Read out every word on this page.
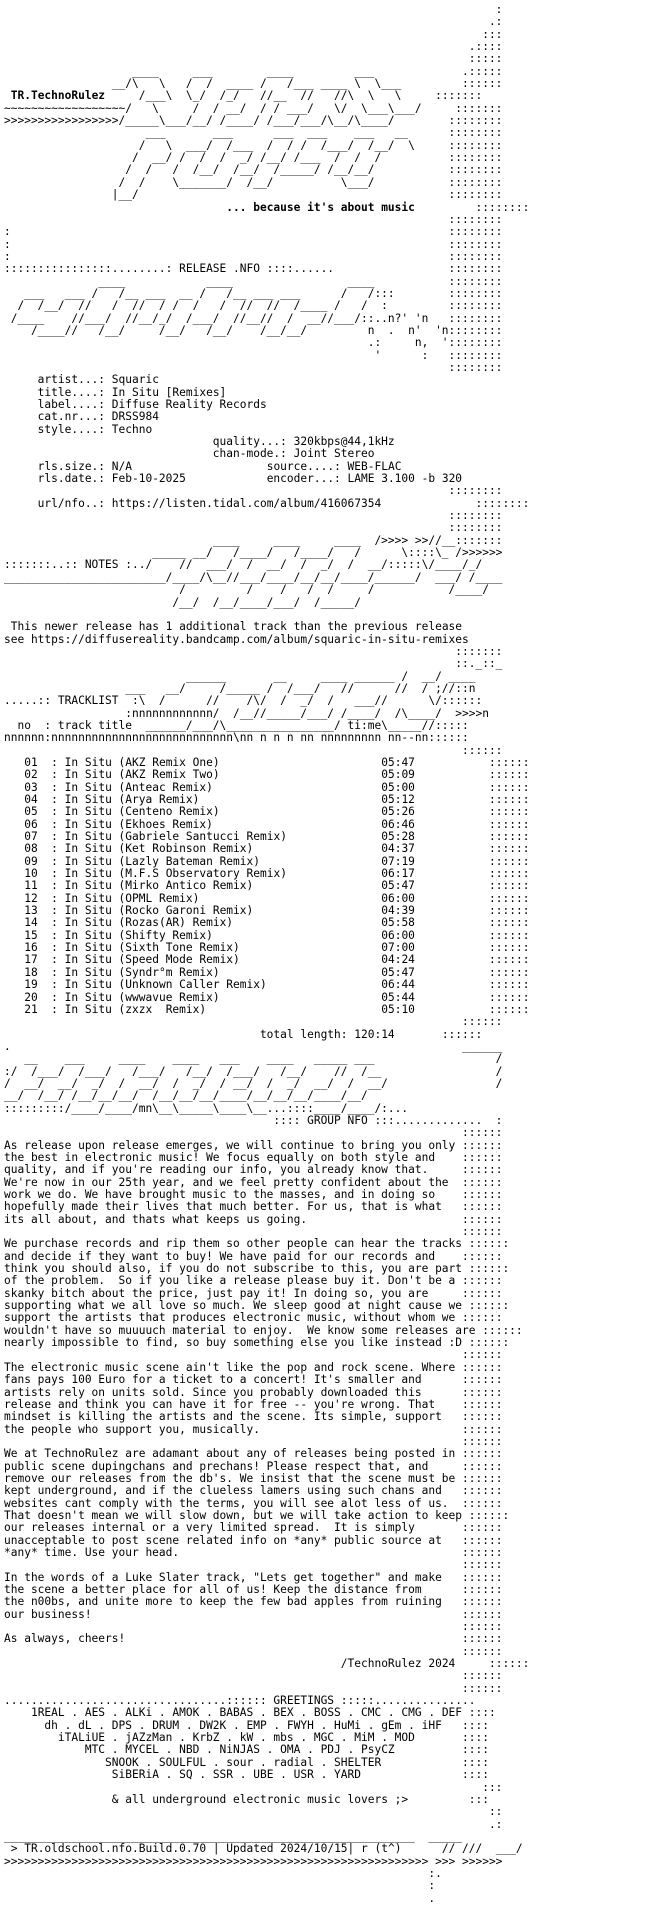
:
.:
:::
.::::
:::::
____     ___        ____         ___             .:::::
__/\   \   /  /  ____ /   /___ ____ \  \___         ::::::
TR.TechnoRulez     /___\  \_/  /_/   //__  //   //\  \   \     :::::::
~~~~~~~~~~~~~~~~~~/   \     /  / __/  / / ___/   \/  \___\___/     :::::::
>>>>>>>>>>>>>>>>>/_____\___/__/ /____/ /___/___/\__/\____/        ::::::::
___       ___      ___  ___    ___   __      ::::::::
/   \  ___/  /___  /  / /  /___/  /__/  \     ::::::::
/  __/ /  /  /  _/ /__/ /___  /  /  /          ::::::::
/  /   /  /__/  /__/  /_____/ /__/__/           ::::::::
/  /    \_______/  /__/          \___/           ::::::::
|__/                                              ::::::::
... because it's about music         ::::::::
::::::::
:                                                                 ::::::::
:                                                                 ::::::::
:                                                                 ::::::::
::::::::::::::::........: RELEASE .NFO ::::......                 ::::::::
____            ____                 ____           ::::::::
___   ___ /   /__ ___  __ /   /__ ___ ___      /   /:::        ::::::::
/  /__/  //   /  //  / /  /   /  //  //  /____ /   /  :         ::::::::
/____    //___/  //__/_/  /___/  //__//  /  __//___/::..n?' 'n   ::::::::
/____//   /__/     /__/   /__/    /__/__/         n  .  n'  'n::::::::
.:     n,  '::::::::
'      :   ::::::::
::::::::
artist...: Squaric
title....: In Situ [Remixes]
label....: Diffuse Reality Records
cat.nr...: DRSS984
style....: Techno
quality...: 320kbps@44,1kHz
chan-mode.: Joint Stereo
rls.size.: N/A                    source....: WEB-FLAC
rls.date.: Feb-10-2025            encoder...: LAME 3.100 -b 320
::::::::
url/nfo..: https://listen.tidal.com/album/416067354              ::::::::
::::::::
::::::::
____     ____     ____  />>>> >>//__:::::::
_____ __/   /____/   /____/   /      \::::\_ />>>>>>
:::::::..:: NOTES :../    //  ___/  /  __/  /  _/  /  __/:::::\/____/_/
________________________/____/\__//___/____/__/__/____/______/  ___/ /____
/         /    /   /  /     /           /____/
/__/  /__/____/___/  /_____/

This newer release has 1 additional track than the previous release
see https://diffusereality.bandcamp.com/album/squaric-in-situ-remixes
:::::::
::._::_
______       __     ____ ______ /  __/ ____
___   __/     /_____ /  /___/   //      //  / ;//::n
.....:: TRACKLIST  :\  /      //    /\/  /  _/  /   ___//      \/::::::
:nnnnnnnnnnnn/  /__//_____/___/ /____/  /\____/  >>>>n
no  : track title  ______/___/\________________/ ti:me\_____//:::::
nnnnnn:nnnnnnnnnnnnnnnnnnnnnnnnnnn\nn n n n nn nnnnnnnnn nn--nn::::::
::::::
01  : In Situ (AKZ Remix One)	05:47           ::::::
02  : In Situ (AKZ Remix Two)	05:09           ::::::
03  : In Situ (Anteac Remix)	05:00           ::::::
04  : In Situ (Arya Remix)	05:12           ::::::
05  : In Situ (Centeno Remix)	05:26           ::::::
06  : In Situ (Ekhoes Remix)	06:46           ::::::
07  : In Situ (Gabriele Santucci Remix)	05:28           ::::::
08  : In Situ (Ket Robinson Remix)	04:37           ::::::
09  : In Situ (Lazly Bateman Remix)	07:19           ::::::
10  : In Situ (M.F.S Observatory Remix)	06:17           ::::::
11  : In Situ (Mirko Antico Remix)	05:47           ::::::
12  : In Situ (OPML Remix)	06:00           ::::::
13  : In Situ (Rocko Garoni Remix)	04:39           ::::::
14  : In Situ (Rozas(AR) Remix)	05:58           ::::::
15  : In Situ (Shifty Remix)	06:00           ::::::
16  : In Situ (Sixth Tone Remix)	07:00           ::::::
17  : In Situ (Speed Mode Remix)	04:24           ::::::
18  : In Situ (Syndr°m Remix)	05:47           ::::::
19  : In Situ (Unknown Caller Remix)	06:44           ::::::
20  : In Situ (wwwavue Remix)	05:44           ::::::
21  : In Situ (zxzx  Remix)	05:10           ::::::
::::::
total length: 120:14       ::::::
.                                                                   ______
__    ___     ____    ____   ___    ____   _____ ___                  /
:/  /___/  /___/   /___/   /__/  /___/   /__/    //  /__                 /
/  __/  __/  _/  /  __/  /  _/  / __/  /  _/  __/  /  __/                /
__/  /__/ /__/__/__/  /__/__/__/____/__/__/__/____/__/
:::::::::/____/____/mn\__\_____\____\__...::::____/____/:...
:::: GROUP NFO :::.............  :
::::::
As release upon release emerges, we will continue to bring you only ::::::
the best in electronic music! We focus equally on both style and ::::::
quality, and if you're reading our info, you already know that.	::::::
We're now in our 25th year, and we feel pretty confident about the ::::::
work we do. We have brought music to the masses, and in doing so ::::::
hopefully made their lives that much better. For us, that is what ::::::
its all about, and thats what keeps us going.	::::::
::::::
We purchase records and rip them so other people can hear the tracks ::::::
and decide if they want to buy! We have paid for our records and ::::::
think you should also, if you do not subscribe to this, you are part ::::::
of the problem.  So if you like a release please buy it. Don't be a ::::::
skanky bitch about the price, just pay it! In doing so, you are	::::::
supporting what we all love so much. We sleep good at night cause we ::::::
support the artists that produces electronic music, without whom we ::::::
wouldn't have so muuuuch material to enjoy.  We know some releases are ::::::
nearly impossible to find, so buy something else you like instead :D ::::::
::::::
The electronic music scene ain't like the pop and rock scene. Where ::::::
fans pays 100 Euro for a ticket to a concert! It's smaller and	::::::
artists rely on units sold. Since you probably downloaded this	::::::
release and think you can have it for free -- you're wrong. That ::::::
mindset is killing the artists and the scene. Its simple, support ::::::
the people who support you, musically.	::::::
::::::
We at TechnoRulez are adamant about any of releases being posted in ::::::
public scene dupingchans and prechans! Please respect that, and	::::::
remove our releases from the db's. We insist that the scene must be ::::::
kept underground, and if the clueless lamers using such chans and ::::::
websites cant comply with the terms, you will see alot less of us. ::::::
That doesn't mean we will slow down, but we will take action to keep ::::::
our releases internal or a very limited spread.  It is simply	::::::
unacceptable to post scene related info on *any* public source at ::::::
*any* time. Use your head.	::::::
::::::
In the words of a Luke Slater track, "Lets get together" and make ::::::
the scene a better place for all of us! Keep the distance from	::::::
the n00bs, and unite more to keep the few bad apples from ruining ::::::
our business!	::::::
::::::
As always, cheers!	::::::
::::::
/TechnoRulez 2024     ::::::
::::::
::::::
.................................:::::: GREETINGS :::::...............
1REAL . AES . ALKi . AMOK . BABAS . BEX . BOSS . CMC . CMG . DEF ::::
dh . dL . DPS . DRUM . DW2K . EMP . FWYH . HuMi . gEm . iHF ::::
iTALiUE . jAZzMan . KrbZ . kW . mbs . MGC . MiM . MOD	::::
MTC . MYCEL . NBD . NiNJAS . OMA . PDJ . PsyCZ	::::
SNOOK . SOULFUL . sour . radial . SHELTER	::::
SiBERiA . SQ . SSR . UBE . USR . YARD	::::
:::
& all underground electronic music lovers ;>         :::
::
.:
_____________________________________________________________  _____
> TR.oldschool.nfo.Build.0.70 | Updated 2024/10/15| r (t^)      // ///  ___/
>>>>>>>>>>>>>>>>>>>>>>>>>>>>>>>>>>>>>>>>>>>>>>>>>>>>>>>>>>>>>>> >>> >>>>>>
:.
:
.
